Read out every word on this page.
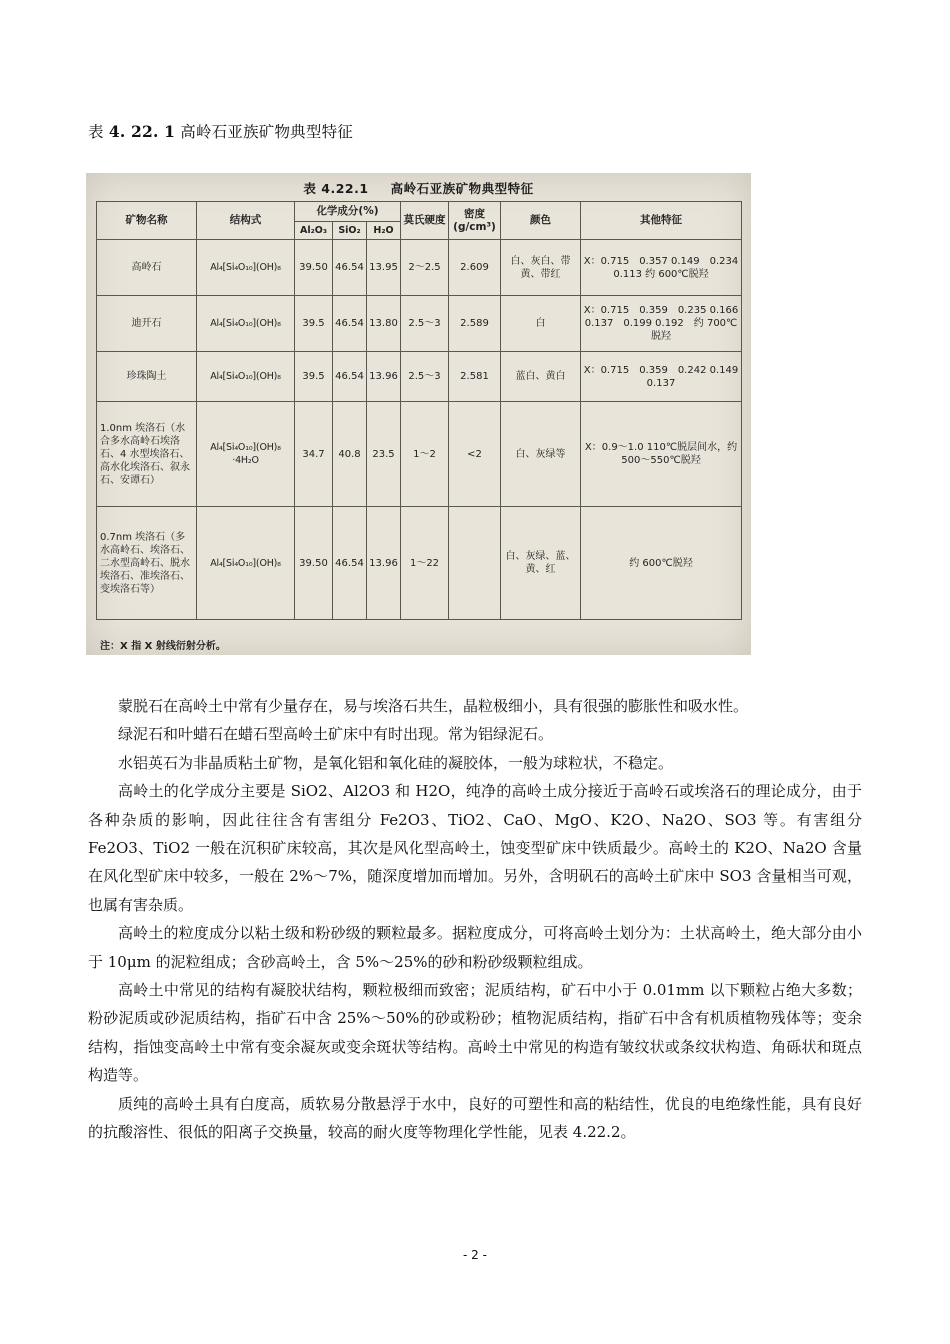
表 4. 22. 1 高岭石亚族矿物典型特征
表 4.22.1 高岭石亚族矿物典型特征
矿物名称	结构式	化学成分(%)			莫氏硬度	密度(g/cm³)	颜色	其他特征
		Al₂O₃	SiO₂	H₂O				
高岭石	Al₄[Si₄O₁₀](OH)₈	39.50	46.54	13.95	2～2.5	2.609	白、灰白、带黄、带红	X：0.715　0.357 0.149　0.234　0.113 约 600℃脱羟
迪开石	Al₄[Si₄O₁₀](OH)₈	39.5	46.54	13.80	2.5～3	2.589	白	X：0.715　0.359　0.235 0.166　0.137　0.199 0.192　约 700℃脱羟
珍珠陶土	Al₄[Si₄O₁₀](OH)₈	39.5	46.54	13.96	2.5～3	2.581	蓝白、黄白	X：0.715　0.359　0.242 0.149　0.137
1.0nm 埃洛石（水合多水高岭石埃洛石、4 水型埃洛石、高水化埃洛石、叙永石、安谭石）	Al₄[Si₄O₁₀](OH)₈ ·4H₂O	34.7	40.8	23.5	1～2	<2	白、灰绿等	X：0.9～1.0 110℃脱层间水，约 500～550℃脱羟
0.7nm 埃洛石（多水高岭石、埃洛石、二水型高岭石、脱水埃洛石、准埃洛石、变埃洛石等）	Al₄[Si₄O₁₀](OH)₈	39.50	46.54	13.96	1～22		白、灰绿、蓝、黄、红	约 600℃脱羟
注：X 指 X 射线衍射分析。

蒙脱石在高岭土中常有少量存在，易与埃洛石共生，晶粒极细小，具有很强的膨胀性和吸水性。

绿泥石和叶蜡石在蜡石型高岭土矿床中有时出现。常为铝绿泥石。

水铝英石为非晶质粘土矿物，是氧化铝和氧化硅的凝胶体，一般为球粒状，不稳定。

高岭土的化学成分主要是 SiO2、Al2O3 和 H2O，纯净的高岭土成分接近于高岭石或埃洛石的理论成分，由于各种杂质的影响，因此往往含有害组分 Fe2O3、TiO2、CaO、MgO、K2O、Na2O、SO3 等。有害组分 Fe2O3、TiO2 一般在沉积矿床较高，其次是风化型高岭土，蚀变型矿床中铁质最少。高岭土的 K2O、Na2O 含量在风化型矿床中较多，一般在 2%～7%，随深度增加而增加。另外，含明矾石的高岭土矿床中 SO3 含量相当可观，也属有害杂质。

高岭土的粒度成分以粘土级和粉砂级的颗粒最多。据粒度成分，可将高岭土划分为：土状高岭土，绝大部分由小于 10μm 的泥粒组成；含砂高岭土，含 5%～25%的砂和粉砂级颗粒组成。

高岭土中常见的结构有凝胶状结构，颗粒极细而致密；泥质结构，矿石中小于 0.01mm 以下颗粒占绝大多数；粉砂泥质或砂泥质结构，指矿石中含 25%～50%的砂或粉砂；植物泥质结构，指矿石中含有机质植物残体等；变余结构，指蚀变高岭土中常有变余凝灰或变余斑状等结构。高岭土中常见的构造有皱纹状或条纹状构造、角砾状和斑点构造等。

质纯的高岭土具有白度高，质软易分散悬浮于水中，良好的可塑性和高的粘结性，优良的电绝缘性能，具有良好的抗酸溶性、很低的阳离子交换量，较高的耐火度等物理化学性能，见表 4.22.2。

- 2 -
